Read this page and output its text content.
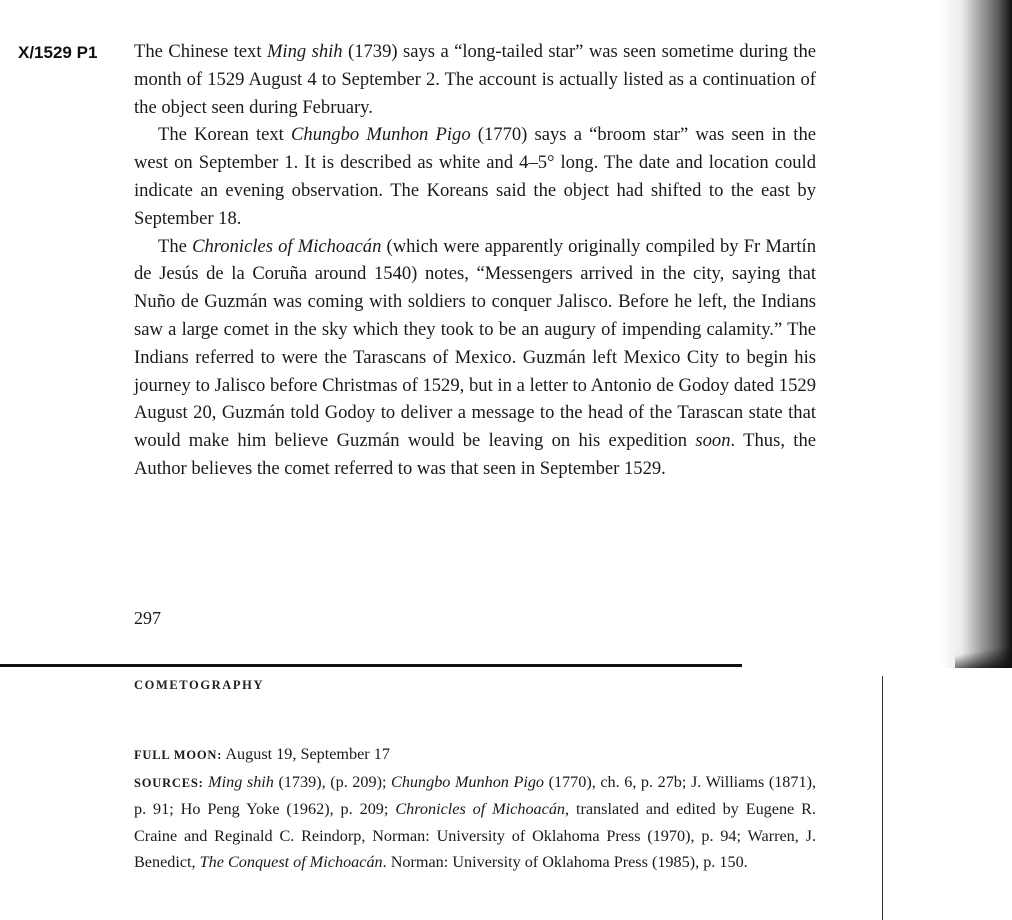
X/1529 P1 The Chinese text Ming shih (1739) says a “long-tailed star” was seen sometime during the month of 1529 August 4 to September 2. The account is actually listed as a continuation of the object seen during February.

The Korean text Chungbo Munhon Pigo (1770) says a “broom star” was seen in the west on September 1. It is described as white and 4–5° long. The date and location could indicate an evening observation. The Koreans said the object had shifted to the east by September 18.

The Chronicles of Michoacán (which were apparently originally compiled by Fr Martín de Jesús de la Coruña around 1540) notes, “Messengers arrived in the city, saying that Nuño de Guzmán was coming with soldiers to conquer Jalisco. Before he left, the Indians saw a large comet in the sky which they took to be an augury of impending calamity.” The Indians referred to were the Tarascans of Mexico. Guzmán left Mexico City to begin his journey to Jalisco before Christmas of 1529, but in a letter to Antonio de Godoy dated 1529 August 20, Guzmán told Godoy to deliver a message to the head of the Tarascan state that would make him believe Guzmán would be leaving on his expedition soon. Thus, the Author believes the comet referred to was that seen in September 1529.

297
COMETOGRAPHY

FULL MOON: August 19, September 17

SOURCES: Ming shih (1739), (p. 209); Chungbo Munhon Pigo (1770), ch. 6, p. 27b; J. Williams (1871), p. 91; Ho Peng Yoke (1962), p. 209; Chronicles of Michoacán, translated and edited by Eugene R. Craine and Reginald C. Reindorp, Norman: University of Oklahoma Press (1970), p. 94; Warren, J. Benedict, The Conquest of Michoacán. Norman: University of Oklahoma Press (1985), p. 150.
